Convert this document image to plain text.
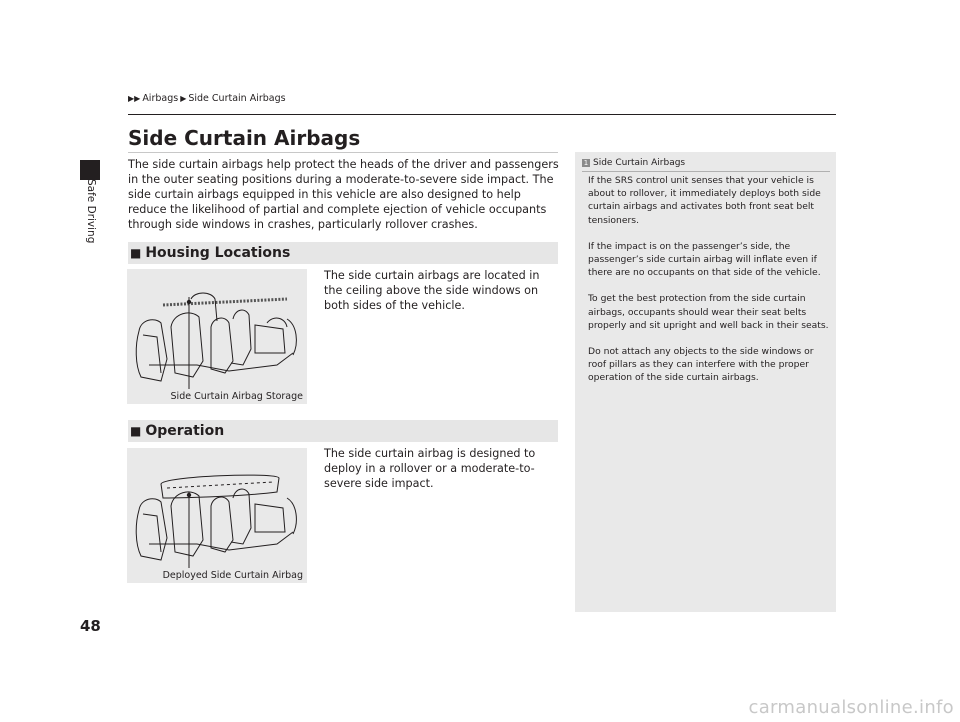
Safe Driving
▶▶ Airbags ▶ Side Curtain Airbags
Side Curtain Airbags

The side curtain airbags help protect the heads of the driver and passengers in the outer seating positions during a moderate-to-severe side impact. The side curtain airbags equipped in this vehicle are also designed to help reduce the likelihood of partial and complete ejection of vehicle occupants through side windows in crashes, particularly rollover crashes.

■ Housing Locations
Side Curtain Airbag Storage

The side curtain airbags are located in the ceiling above the side windows on both sides of the vehicle.

■ Operation
Deployed Side Curtain Airbag

The side curtain airbag is designed to deploy in a rollover or a moderate-to-severe side impact.

1 Side Curtain Airbags

If the SRS control unit senses that your vehicle is about to rollover, it immediately deploys both side curtain airbags and activates both front seat belt tensioners.

If the impact is on the passenger’s side, the passenger’s side curtain airbag will inflate even if there are no occupants on that side of the vehicle.

To get the best protection from the side curtain airbags, occupants should wear their seat belts properly and sit upright and well back in their seats.

Do not attach any objects to the side windows or roof pillars as they can interfere with the proper operation of the side curtain airbags.

48
carmanualsonline.info
